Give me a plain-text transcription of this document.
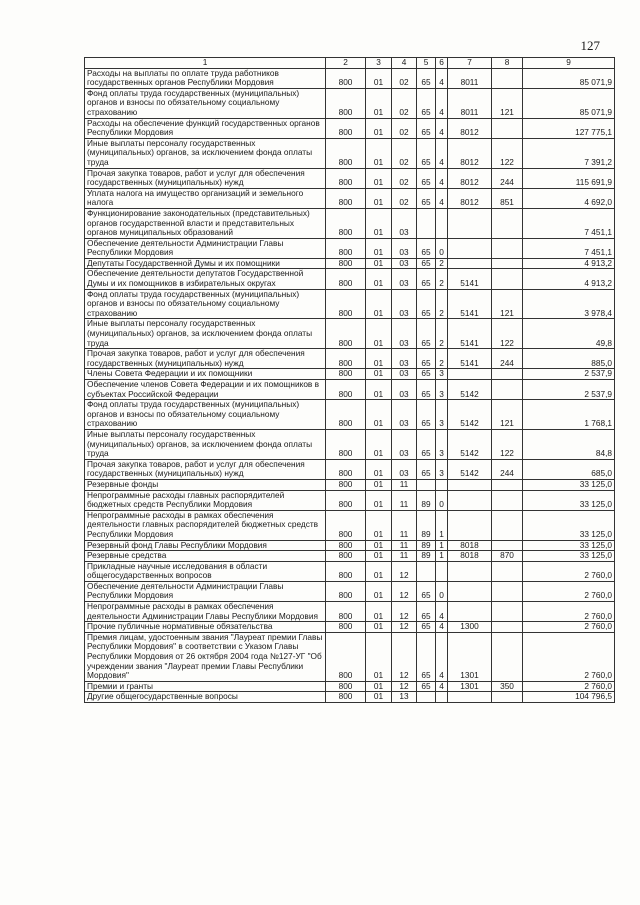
127
1	2	3	4	5	6	7	8	9
Расходы на выплаты по оплате труда работников государственных органов Республики Мордовия	800	01	02	65	4	8011		85 071,9
Фонд оплаты труда государственных (муниципальных) органов и взносы по обязательному социальному страхованию	800	01	02	65	4	8011	121	85 071,9
Расходы на обеспечение функций государственных органов Республики Мордовия	800	01	02	65	4	8012		127 775,1
Иные выплаты персоналу государственных (муниципальных) органов, за исключением фонда оплаты труда	800	01	02	65	4	8012	122	7 391,2
Прочая закупка товаров, работ и услуг для обеспечения государственных (муниципальных) нужд	800	01	02	65	4	8012	244	115 691,9
Уплата налога на имущество организаций и земельного налога	800	01	02	65	4	8012	851	4 692,0
Функционирование законодательных (представительных) органов государственной власти и представительных органов муниципальных образований	800	01	03					7 451,1
Обеспечение деятельности Администрации Главы Республики Мордовия	800	01	03	65	0			7 451,1
Депутаты Государственной Думы и их помощники	800	01	03	65	2			4 913,2
Обеспечение деятельности депутатов Государственной Думы и их помощников в избирательных округах	800	01	03	65	2	5141		4 913,2
Фонд оплаты труда государственных (муниципальных) органов и взносы по обязательному социальному страхованию	800	01	03	65	2	5141	121	3 978,4
Иные выплаты персоналу государственных (муниципальных) органов, за исключением фонда оплаты труда	800	01	03	65	2	5141	122	49,8
Прочая закупка товаров, работ и услуг для обеспечения государственных (муниципальных) нужд	800	01	03	65	2	5141	244	885,0
Члены Совета Федерации и их помощники	800	01	03	65	3			2 537,9
Обеспечение членов Совета Федерации и их помощников в субъектах Российской Федерации	800	01	03	65	3	5142		2 537,9
Фонд оплаты труда государственных (муниципальных) органов и взносы по обязательному социальному страхованию	800	01	03	65	3	5142	121	1 768,1
Иные выплаты персоналу государственных (муниципальных) органов, за исключением фонда оплаты труда	800	01	03	65	3	5142	122	84,8
Прочая закупка товаров, работ и услуг для обеспечения государственных (муниципальных) нужд	800	01	03	65	3	5142	244	685,0
Резервные фонды	800	01	11					33 125,0
Непрограммные расходы главных распорядителей бюджетных средств Республики Мордовия	800	01	11	89	0			33 125,0
Непрограммные расходы в рамках обеспечения деятельности главных распорядителей бюджетных средств Республики Мордовия	800	01	11	89	1			33 125,0
Резервный фонд Главы Республики Мордовия	800	01	11	89	1	8018		33 125,0
Резервные средства	800	01	11	89	1	8018	870	33 125,0
Прикладные научные исследования в области общегосударственных вопросов	800	01	12					2 760,0
Обеспечение деятельности Администрации Главы Республики Мордовия	800	01	12	65	0			2 760,0
Непрограммные расходы в рамках обеспечения деятельности Администрации Главы Республики Мордовия	800	01	12	65	4			2 760,0
Прочие публичные нормативные обязательства	800	01	12	65	4	1300		2 760,0
Премия лицам, удостоенным звания "Лауреат премии Главы Республики Мордовия" в соответствии с Указом Главы Республики Мордовия от 26 октября 2004 года №127-УГ "Об учреждении звания "Лауреат премии Главы Республики Мордовия"	800	01	12	65	4	1301		2 760,0
Премии и гранты	800	01	12	65	4	1301	350	2 760,0
Другие общегосударственные вопросы	800	01	13					104 796,5
